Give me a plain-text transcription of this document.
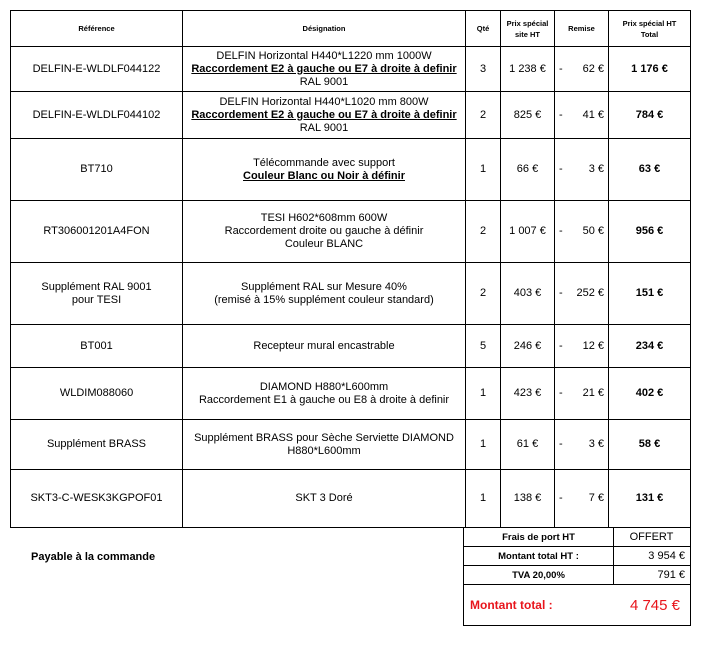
Référence	Désignation	Qté	Prix spécial
site HT	Remise	Prix spécial HT
Total

DELFIN-E-WLDLF044122	DELFIN Horizontal H440*L1220 mm 1000W
Raccordement E2 à gauche ou E7 à droite à definir
RAL 9001	3	1 238 €	- 62 €	1 176 €

DELFIN-E-WLDLF044102	DELFIN Horizontal H440*L1020 mm 800W
Raccordement E2 à gauche ou E7 à droite à definir
RAL 9001	2	825 €	- 41 €	784 €

BT710	Télécommande avec support
Couleur Blanc ou Noir à définir	1	66 €	- 3 €	63 €

RT306001201A4FON	TESI H602*608mm 600W
Raccordement droite ou gauche à définir
Couleur BLANC	2	1 007 €	- 50 €	956 €

Supplément RAL 9001
pour TESI	Supplément RAL sur Mesure 40%
(remisé à 15% supplément couleur standard)	2	403 €	- 252 €	151 €

BT001	Recepteur mural encastrable	5	246 €	- 12 €	234 €

WLDIM088060	DIAMOND H880*L600mm
Raccordement E1 à gauche ou E8 à droite à definir	1	423 €	- 21 €	402 €

Supplément BRASS	Supplément BRASS pour Sèche Serviette DIAMOND
H880*L600mm	1	61 €	- 3 €	58 €

SKT3-C-WESK3KGPOF01	SKT 3 Doré	1	138 €	- 7 €	131 €
Payable à la commande
Frais de port HT	OFFERT
Montant total HT :	3 954 €
TVA 20,00%	791 €

Montant total : 4 745 €	
